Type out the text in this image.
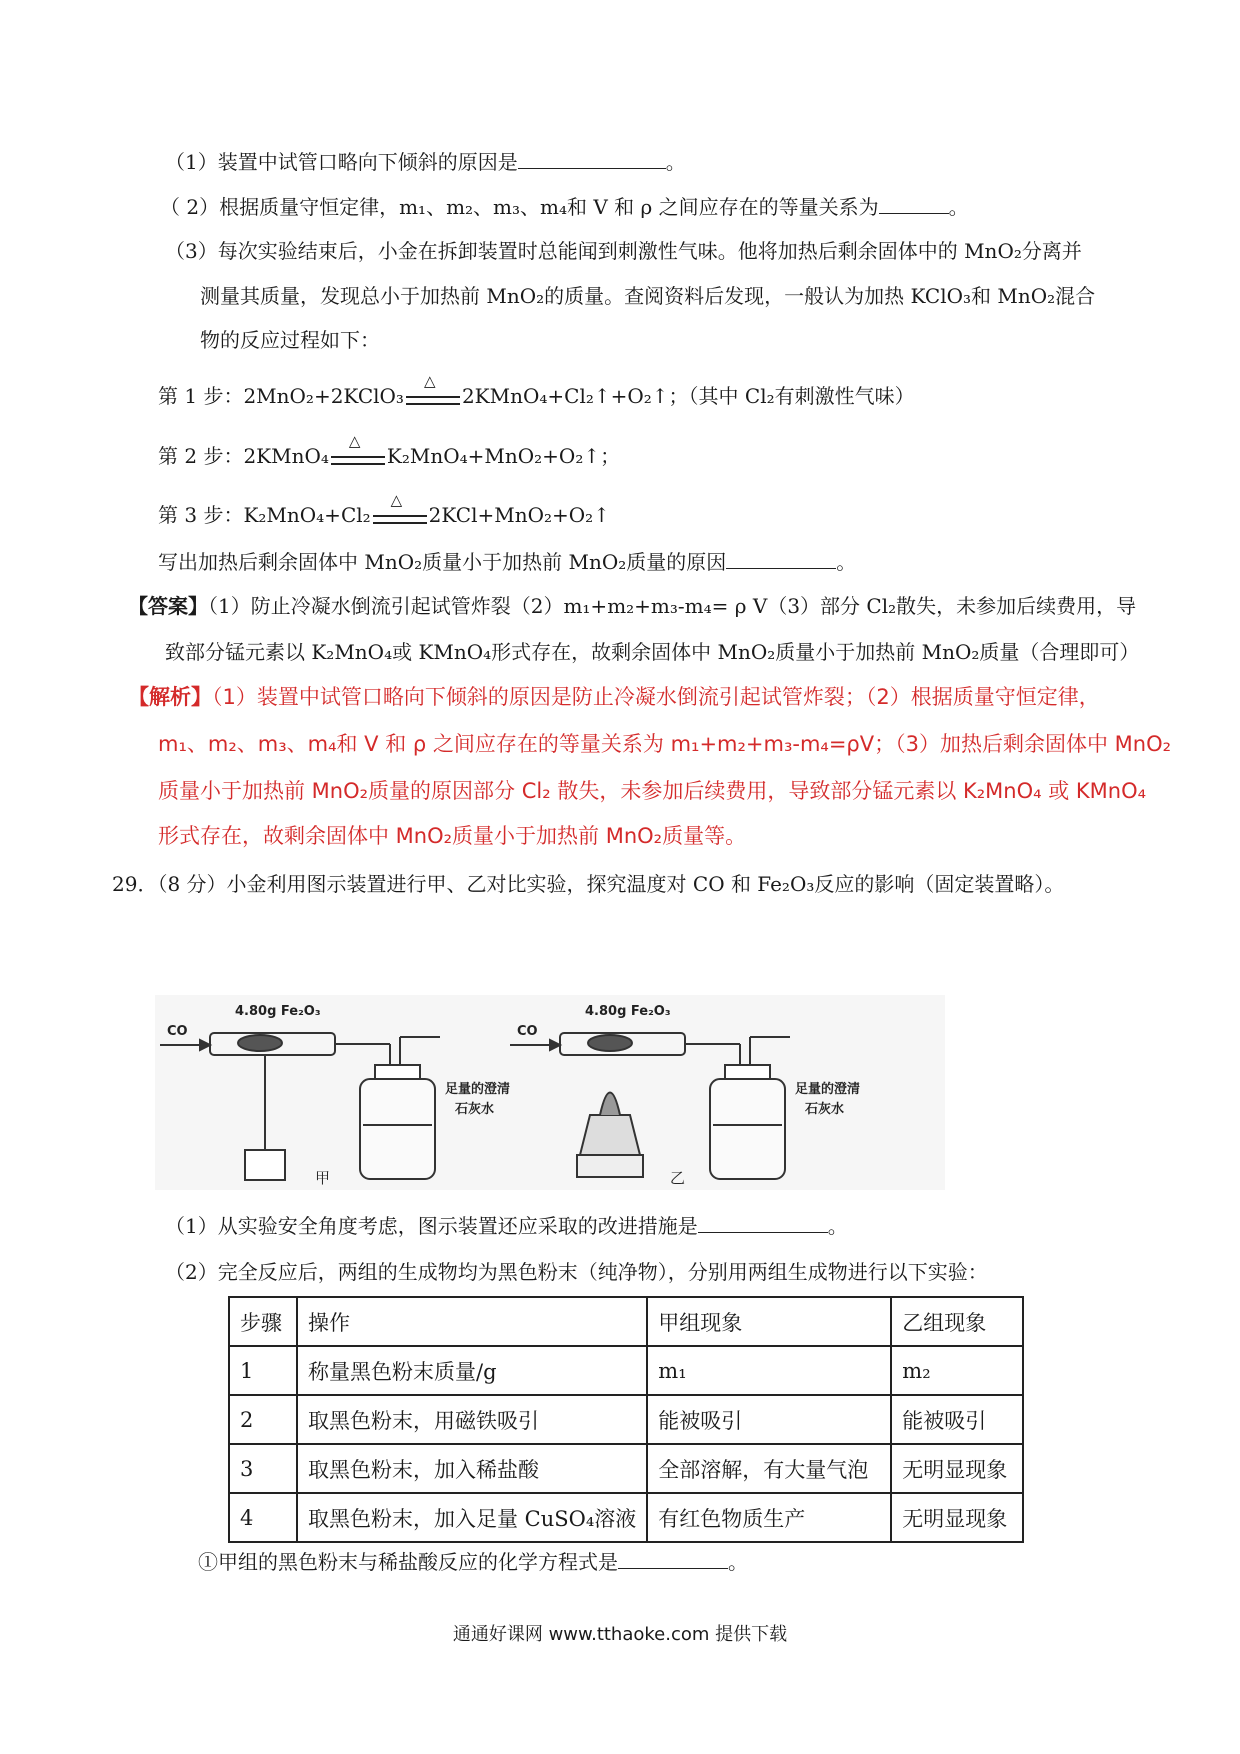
（1）装置中试管口略向下倾斜的原因是	。
（ 2）根据质量守恒定律，m₁、m₂、m₃、m₄和 V 和 ρ 之间应存在的等量关系为	。
（3）每次实验结束后，小金在拆卸装置时总能闻到刺激性气味。他将加热后剩余固体中的 MnO₂分离并
测量其质量，发现总小于加热前 MnO₂的质量。查阅资料后发现，一般认为加热 KClO₃和 MnO₂混合
物的反应过程如下：
第 1 步：2MnO₂+2KClO₃
△
2KMnO₄+Cl₂↑+O₂↑；（其中 Cl₂有刺激性气味）
第 2 步：2KMnO₄
△
K₂MnO₄+MnO₂+O₂↑；
第 3 步：K₂MnO₄+Cl₂
△
2KCl+MnO₂+O₂↑
写出加热后剩余固体中 MnO₂质量小于加热前 MnO₂质量的原因	。
【答案】（1）防止冷凝水倒流引起试管炸裂（2）m₁+m₂+m₃-m₄= ρ V（3）部分 Cl₂散失，未参加后续费用，导
致部分锰元素以 K₂MnO₄或 KMnO₄形式存在，故剩余固体中 MnO₂质量小于加热前 MnO₂质量（合理即可）
【解析】（1）装置中试管口略向下倾斜的原因是防止冷凝水倒流引起试管炸裂；（2）根据质量守恒定律，
m₁、m₂、m₃、m₄和 V 和 ρ 之间应存在的等量关系为 m₁+m₂+m₃-m₄=ρV；（3）加热后剩余固体中 MnO₂
质量小于加热前 MnO₂质量的原因部分 Cl₂ 散失，未参加后续费用，导致部分锰元素以 K₂MnO₄ 或 KMnO₄
形式存在，故剩余固体中 MnO₂质量小于加热前 MnO₂质量等。
29．（8 分）小金利用图示装置进行甲、乙对比实验，探究温度对 CO 和 Fe₂O₃反应的影响（固定装置略）。
CO
4.80g Fe₂O₃
足量的澄清
石灰水
CO
4.80g Fe₂O₃
足量的澄清
石灰水
甲	乙
（1）从实验安全角度考虑，图示装置还应采取的改进措施是	。
（2）完全反应后，两组的生成物均为黑色粉末（纯净物），分别用两组生成物进行以下实验：
步骤	操作	甲组现象	乙组现象
1	称量黑色粉末质量/g	m₁	m₂
2	取黑色粉末，用磁铁吸引	能被吸引	能被吸引
3	取黑色粉末，加入稀盐酸	全部溶解，有大量气泡	无明显现象
4	取黑色粉末，加入足量 CuSO₄溶液	有红色物质生产	无明显现象
①甲组的黑色粉末与稀盐酸反应的化学方程式是	。
通通好课网 www.tthaoke.com 提供下载
